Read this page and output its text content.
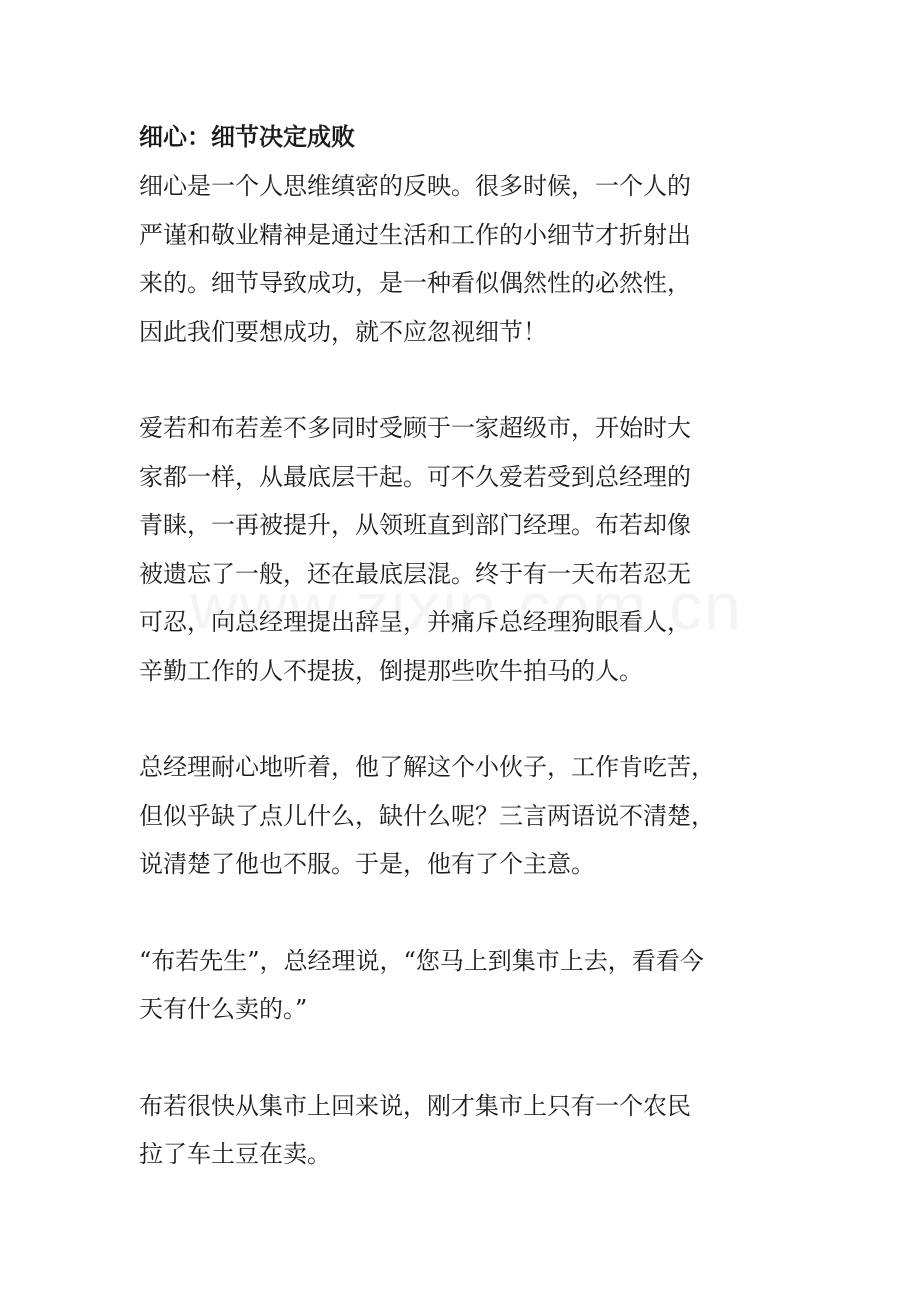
细心：细节决定成败

细心是一个人思维缜密的反映。很多时候，一个人的
严谨和敬业精神是通过生活和工作的小细节才折射出
来的。细节导致成功，是一种看似偶然性的必然性，
因此我们要想成功，就不应忽视细节！

爱若和布若差不多同时受顾于一家超级市，开始时大
家都一样，从最底层干起。可不久爱若受到总经理的
青睐，一再被提升，从领班直到部门经理。布若却像
被遗忘了一般，还在最底层混。终于有一天布若忍无
可忍，向总经理提出辞呈，并痛斥总经理狗眼看人，
辛勤工作的人不提拔，倒提那些吹牛拍马的人。

总经理耐心地听着，他了解这个小伙子，工作肯吃苦，
但似乎缺了点儿什么，缺什么呢？三言两语说不清楚，
说清楚了他也不服。于是，他有了个主意。

“布若先生”，总经理说，“您马上到集市上去，看看今
天有什么卖的。”

布若很快从集市上回来说，刚才集市上只有一个农民
拉了车土豆在卖。
